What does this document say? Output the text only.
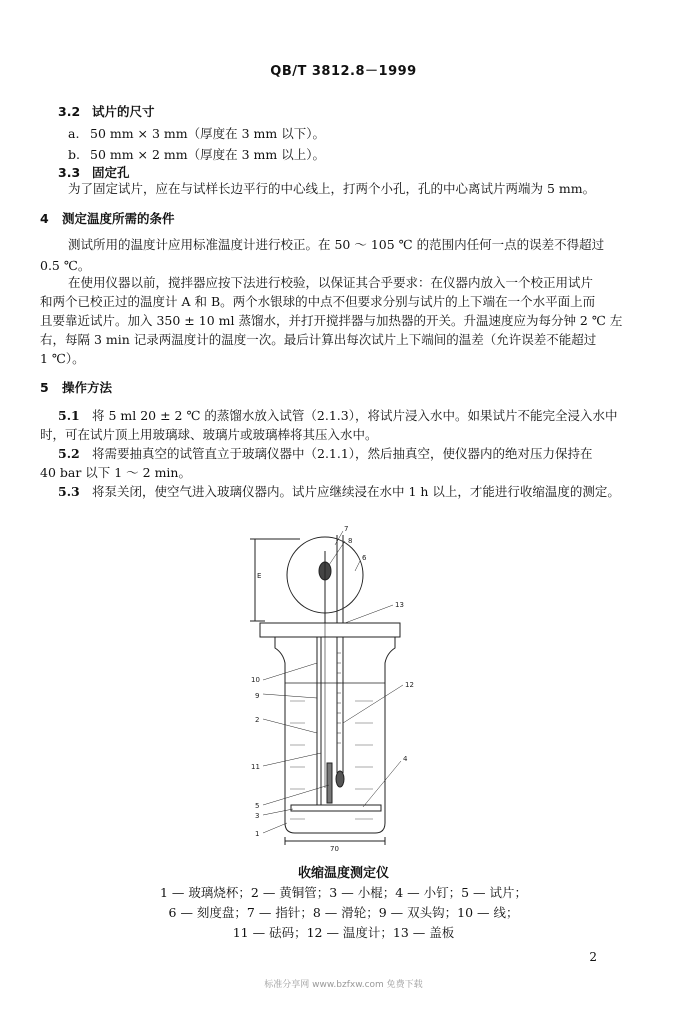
QB/T 3812.8－1999
3.2 试片的尺寸
a. 50 mm × 3 mm（厚度在 3 mm 以下）。
b. 50 mm × 2 mm（厚度在 3 mm 以上）。
3.3 固定孔
为了固定试片，应在与试样长边平行的中心线上，打两个小孔，孔的中心离试片两端为 5 mm。
4 测定温度所需的条件
测试所用的温度计应用标准温度计进行校正。在 50 ～ 105 ℃ 的范围内任何一点的误差不得超过
0.5 ℃。
在使用仪器以前，搅拌器应按下法进行校验，以保证其合乎要求：在仪器内放入一个校正用试片
和两个已校正过的温度计 A 和 B。两个水银球的中点不但要求分别与试片的上下端在一个水平面上而
且要靠近试片。加入 350 ± 10 ml 蒸馏水，并打开搅拌器与加热器的开关。升温速度应为每分钟 2 ℃ 左
右，每隔 3 min 记录两温度计的温度一次。最后计算出每次试片上下端间的温差（允许误差不能超过
1 ℃）。
5 操作方法
5.1 将 5 ml 20 ± 2 ℃ 的蒸馏水放入试管（2.1.3），将试片浸入水中。如果试片不能完全浸入水中
时，可在试片顶上用玻璃球、玻璃片或玻璃棒将其压入水中。
5.2 将需要抽真空的试管直立于玻璃仪器中（2.1.1），然后抽真空，使仪器内的绝对压力保持在
40 bar 以下 1 ～ 2 min。
5.3 将泵关闭，使空气进入玻璃仪器内。试片应继续浸在水中 1 h 以上，才能进行收缩温度的测定。
7
8
6
13
10
9
12
2
11
4
5
3
1
E
70
收缩温度测定仪
1 — 玻璃烧杯；2 — 黄铜管；3 — 小棍；4 — 小钉；5 — 试片；
6 — 刻度盘；7 — 指针；8 — 滑轮；9 — 双头钩；10 — 线；
11 — 砝码；12 — 温度计；13 — 盖板
2
标准分享网 www.bzfxw.com 免费下载
